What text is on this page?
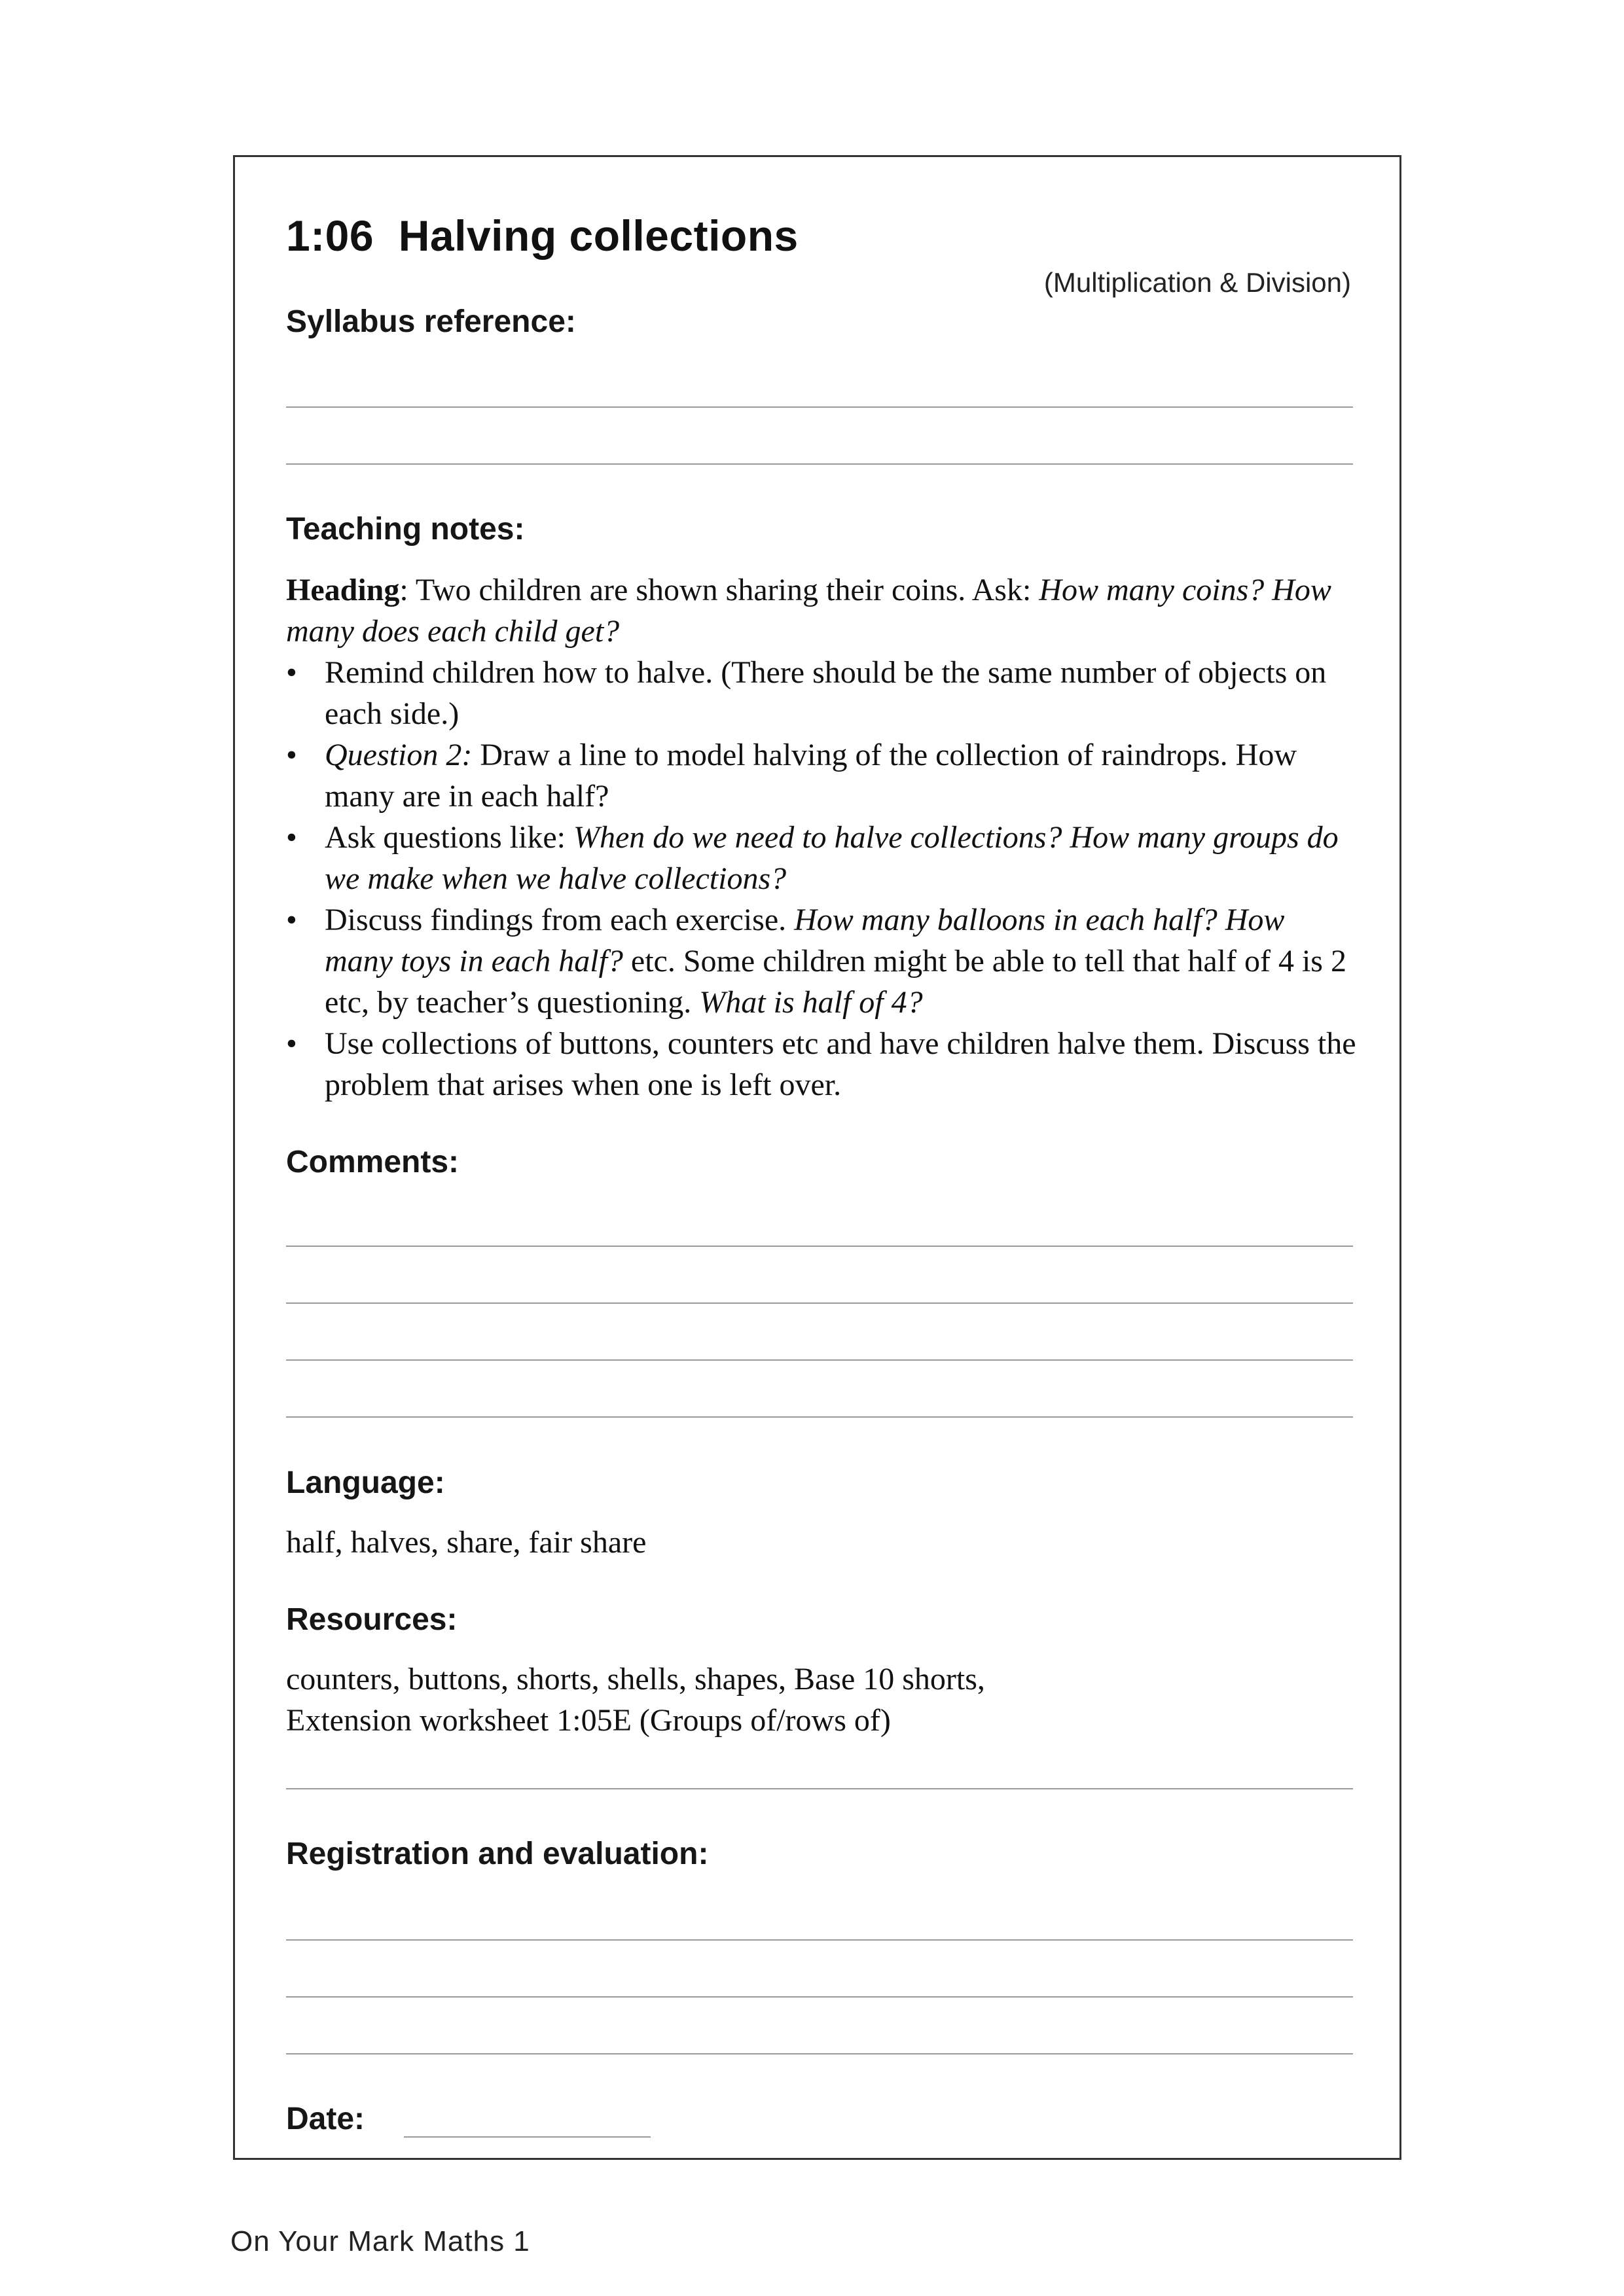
1:06  Halving collections
(Multiplication & Division)
Syllabus reference:
Teaching notes:

Heading: Two children are shown sharing their coins. Ask: How many coins? How many does each child get?

• Remind children how to halve. (There should be the same number of objects on each side.)
• Question 2: Draw a line to model halving of the collection of raindrops. How many are in each half?
• Ask questions like: When do we need to halve collections? How many groups do we make when we halve collections?
• Discuss findings from each exercise. How many balloons in each half? How many toys in each half? etc. Some children might be able to tell that half of 4 is 2 etc, by teacher’s questioning. What is half of 4?
• Use collections of buttons, counters etc and have children halve them. Discuss the problem that arises when one is left over.
Comments:
Language:
half, halves, share, fair share
Resources:
counters, buttons, shorts, shells, shapes, Base 10 shorts,
Extension worksheet 1:05E (Groups of/rows of)
Registration and evaluation:
Date:
On Your Mark Maths 1
